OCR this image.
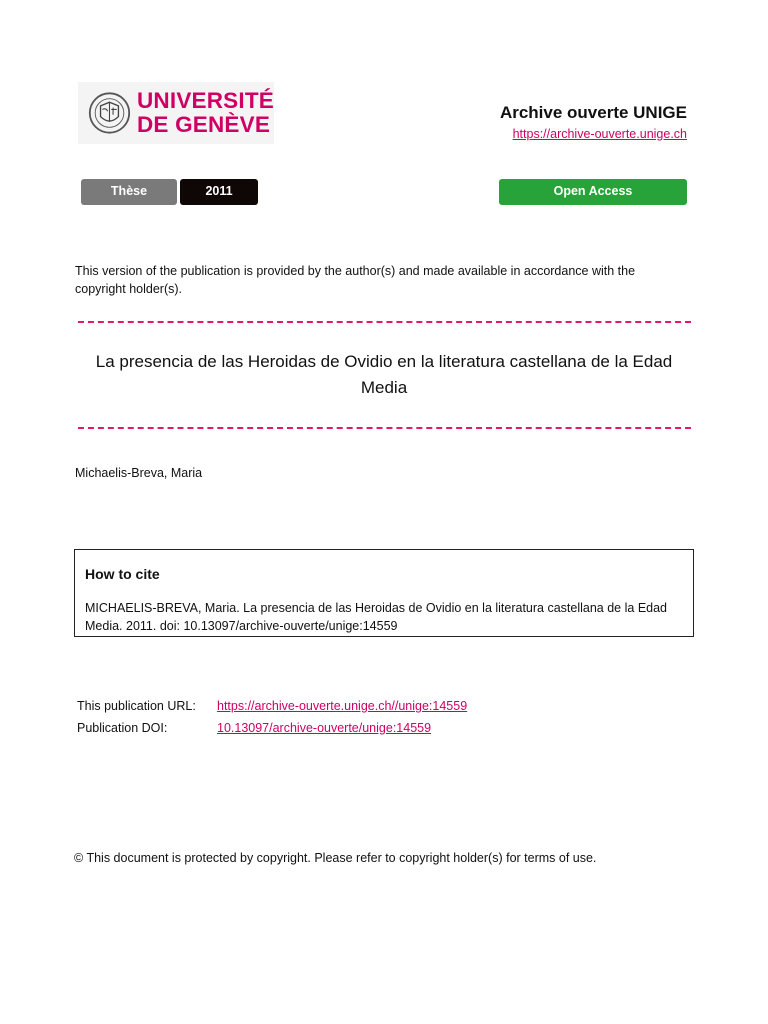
UNIVERSITÉ
DE GENÈVE	Archive ouverte UNIGE
https://archive-ouverte.unige.ch
Thèse	2011	Open Access
This version of the publication is provided by the author(s) and made available in accordance with the copyright holder(s).
La presencia de las Heroidas de Ovidio en la literatura castellana de la Edad Media
Michaelis-Breva, Maria
How to cite
MICHAELIS-BREVA, Maria. La presencia de las Heroidas de Ovidio en la literatura castellana de la Edad Media. 2011. doi: 10.13097/archive-ouverte/unige:14559
This publication URL: https://archive-ouverte.unige.ch//unige:14559
Publication DOI:	10.13097/archive-ouverte/unige:14559
© This document is protected by copyright. Please refer to copyright holder(s) for terms of use.
